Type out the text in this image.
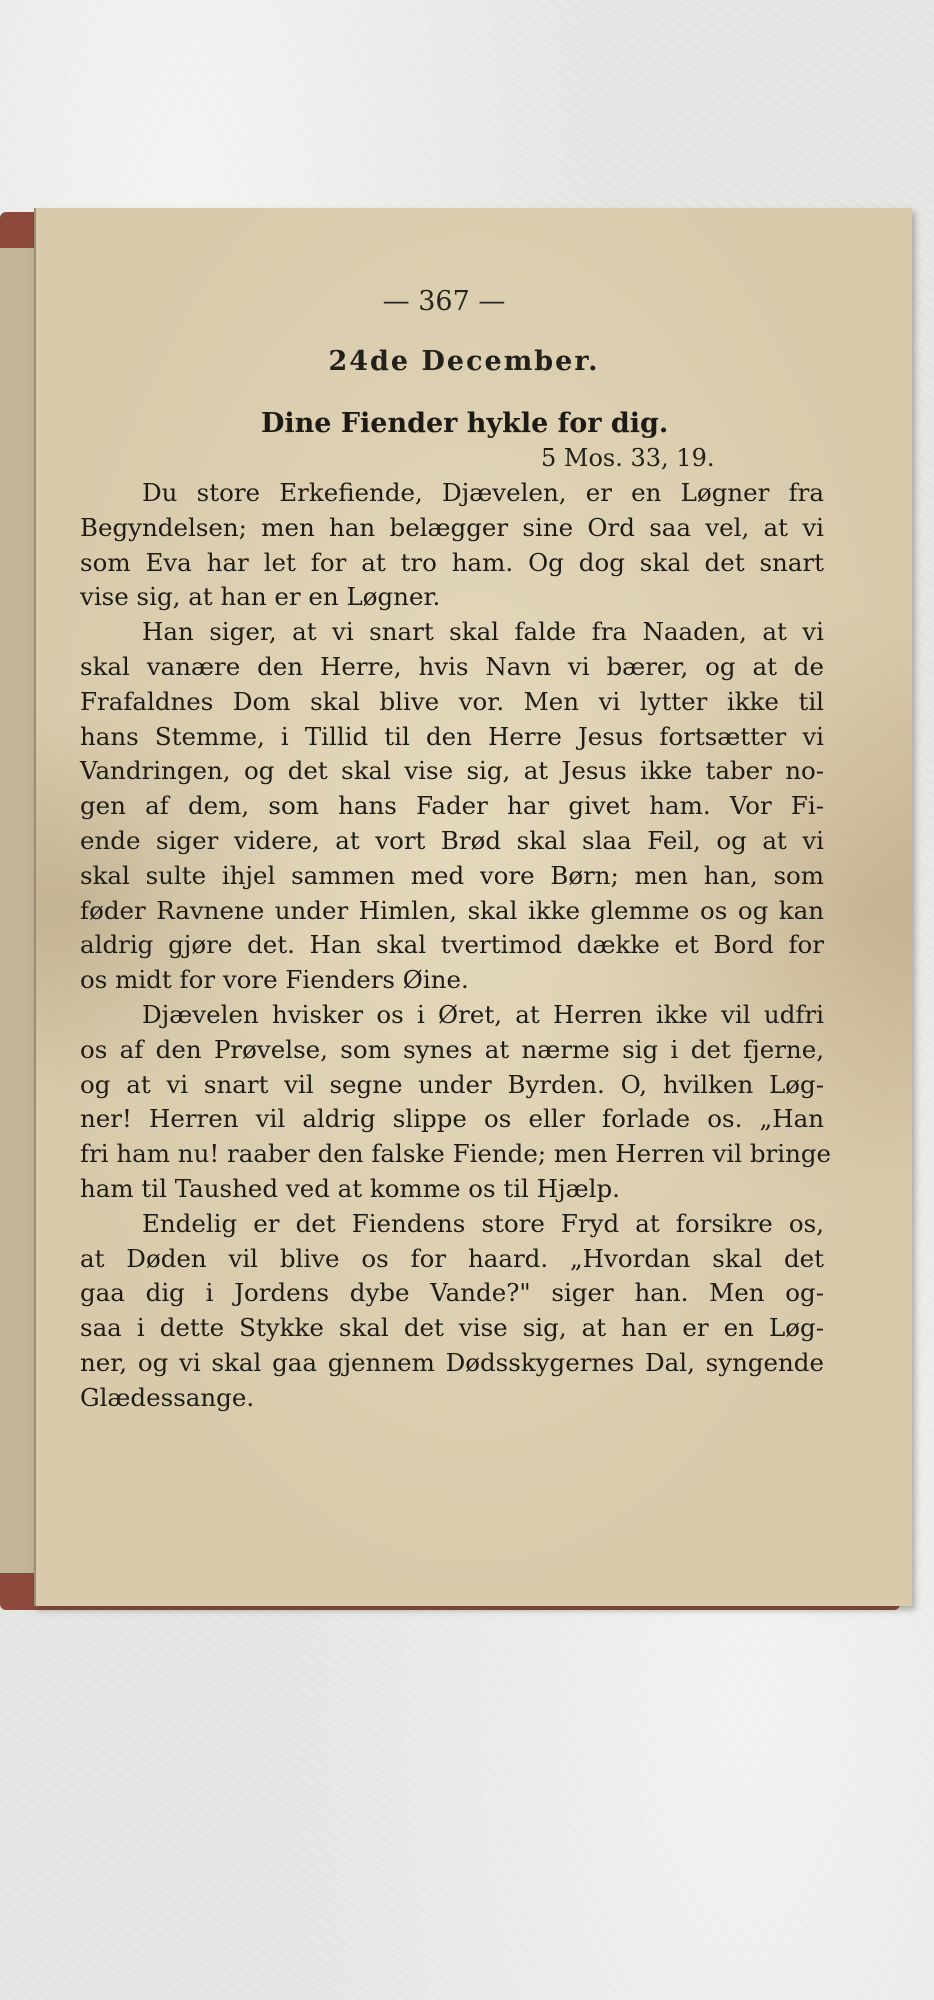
— 367 —
24de December.
Dine Fiender hykle for dig.
5 Mos. 33, 19.
Du store Erkefiende, Djævelen, er en Løgner fra
Begyndelsen; men han belægger sine Ord saa vel, at vi
som Eva har let for at tro ham. Og dog skal det snart
vise sig, at han er en Løgner.
Han siger, at vi snart skal falde fra Naaden, at vi
skal vanære den Herre, hvis Navn vi bærer, og at de
Frafaldnes Dom skal blive vor. Men vi lytter ikke til
hans Stemme, i Tillid til den Herre Jesus fortsætter vi
Vandringen, og det skal vise sig, at Jesus ikke taber no-
gen af dem, som hans Fader har givet ham. Vor Fi-
ende siger videre, at vort Brød skal slaa Feil, og at vi
skal sulte ihjel sammen med vore Børn; men han, som
føder Ravnene under Himlen, skal ikke glemme os og kan
aldrig gjøre det. Han skal tvertimod dække et Bord for
os midt for vore Fienders Øine.
Djævelen hvisker os i Øret, at Herren ikke vil udfri
os af den Prøvelse, som synes at nærme sig i det fjerne,
og at vi snart vil segne under Byrden. O, hvilken Løg-
ner! Herren vil aldrig slippe os eller forlade os. „Han
fri ham nu! raaber den falske Fiende; men Herren vil bringe
ham til Taushed ved at komme os til Hjælp.
Endelig er det Fiendens store Fryd at forsikre os,
at Døden vil blive os for haard. „Hvordan skal det
gaa dig i Jordens dybe Vande?" siger han. Men og-
saa i dette Stykke skal det vise sig, at han er en Løg-
ner, og vi skal gaa gjennem Dødsskygernes Dal, syngende
Glædessange.
